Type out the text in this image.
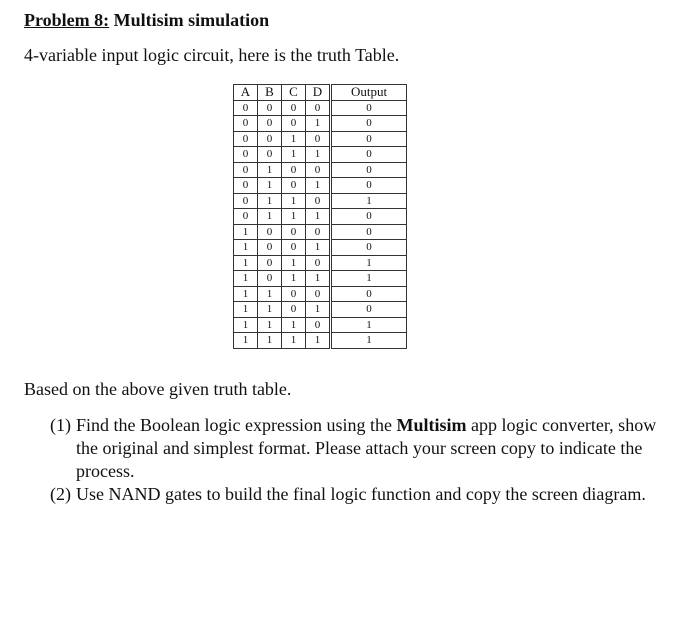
Problem 8: Multisim simulation
4-variable input logic circuit, here is the truth Table.
A	B	C	D	Output
0	0	0	0	0
0	0	0	1	0
0	0	1	0	0
0	0	1	1	0
0	1	0	0	0
0	1	0	1	0
0	1	1	0	1
0	1	1	1	0
1	0	0	0	0
1	0	0	1	0
1	0	1	0	1
1	0	1	1	1
1	1	0	0	0
1	1	0	1	0
1	1	1	0	1
1	1	1	1	1
Based on the above given truth table.
(1) Find the Boolean logic expression using the Multisim app logic converter, show the original and simplest format. Please attach your screen copy to indicate the process.
(2) Use NAND gates to build the final logic function and copy the screen diagram.
